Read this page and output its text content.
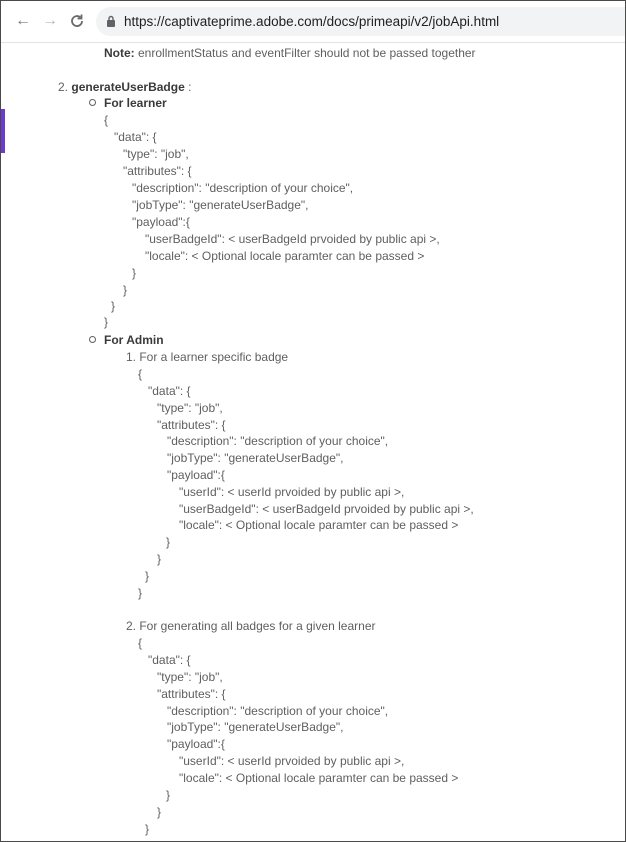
← →	https://captivateprime.adobe.com/docs/primeapi/v2/jobApi.html
Note: enrollmentStatus and eventFilter should not be passed together
2. generateUserBadge :
For learner
{
"data": {
"type": "job",
"attributes": {
"description": "description of your choice",
"jobType": "generateUserBadge",
"payload":{
"userBadgeId": < userBadgeId prvoided by public api >,
"locale": < Optional locale paramter can be passed >
}
}
}
}
For Admin
1. For a learner specific badge
{
"data": {
"type": "job",
"attributes": {
"description": "description of your choice",
"jobType": "generateUserBadge",
"payload":{
"userId": < userId prvoided by public api >,
"userBadgeId": < userBadgeId prvoided by public api >,
"locale": < Optional locale paramter can be passed >
}
}
}
}
2. For generating all badges for a given learner
{
"data": {
"type": "job",
"attributes": {
"description": "description of your choice",
"jobType": "generateUserBadge",
"payload":{
"userId": < userId prvoided by public api >,
"locale": < Optional locale paramter can be passed >
}
}
}
